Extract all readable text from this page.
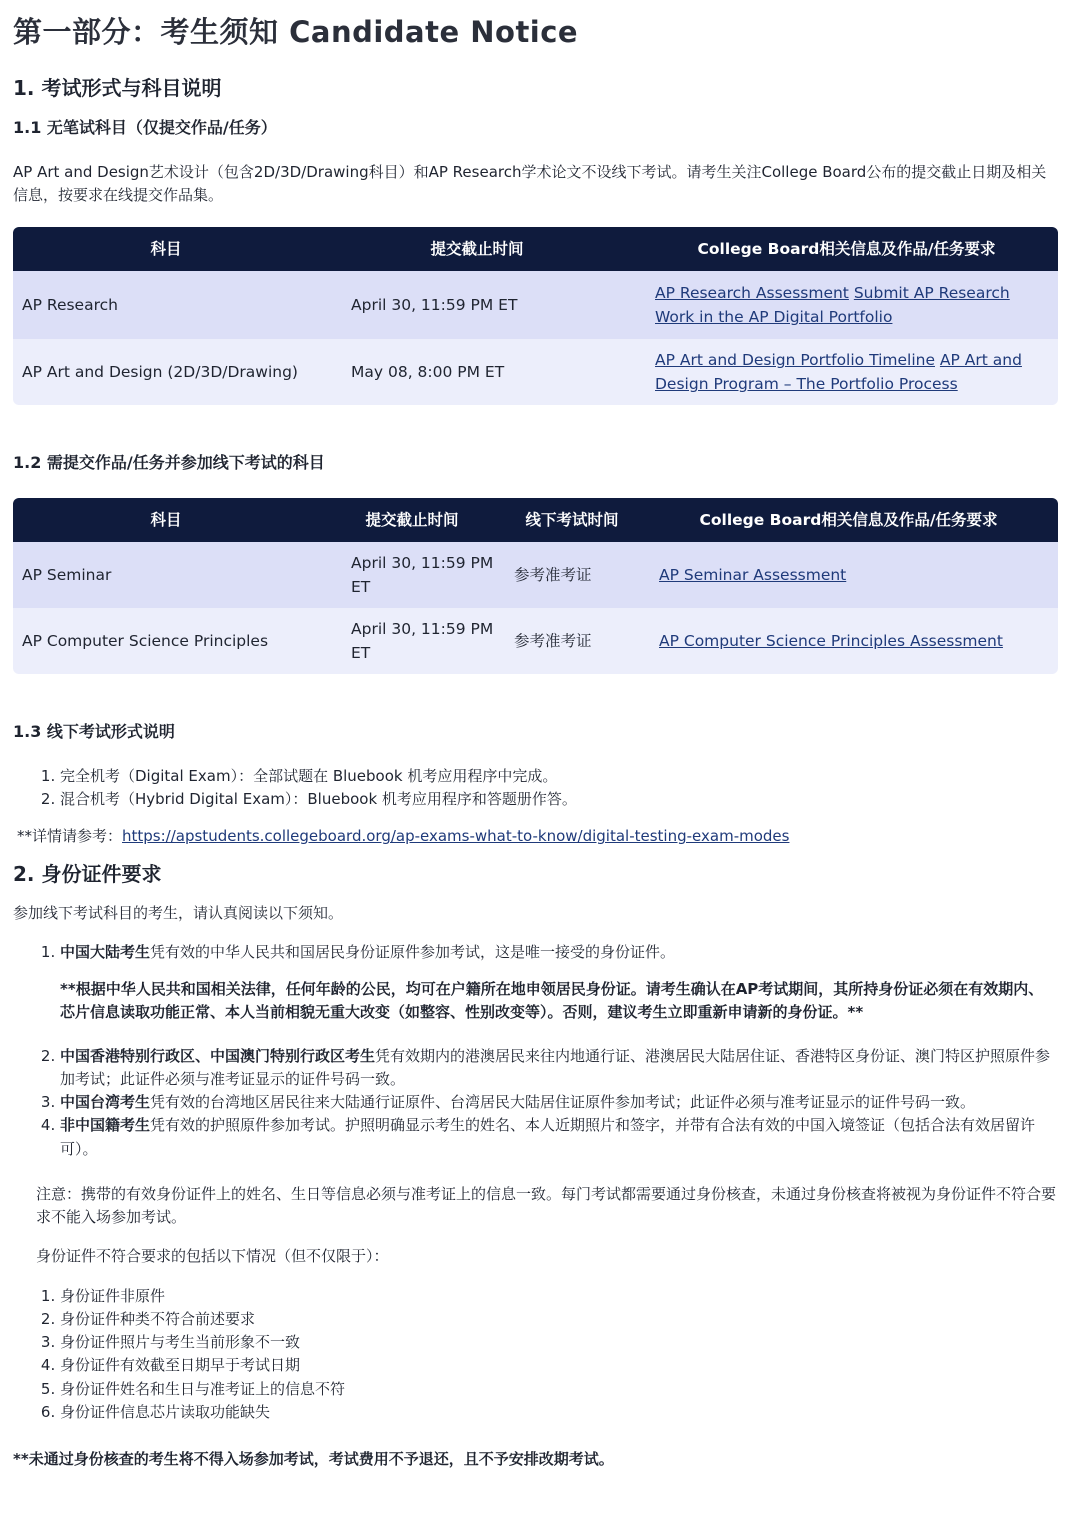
第一部分：考生须知 Candidate Notice
1. 考试形式与科目说明
1.1 无笔试科目（仅提交作品/任务）

AP Art and Design艺术设计（包含2D/3D/Drawing科目）和AP Research学术论文不设线下考试。请考生关注College Board公布的提交截止日期及相关信息，按要求在线提交作品集。

科目	提交截止时间	College Board相关信息及作品/任务要求
AP Research	April 30, 11:59 PM ET	AP Research Assessment Submit AP Research Work in the AP Digital Portfolio
AP Art and Design (2D/3D/Drawing)	May 08, 8:00 PM ET	AP Art and Design Portfolio Timeline AP Art and Design Program – The Portfolio Process
1.2 需提交作品/任务并参加线下考试的科目
科目	提交截止时间	线下考试时间	College Board相关信息及作品/任务要求
AP Seminar	April 30, 11:59 PM ET	参考准考证	AP Seminar Assessment
AP Computer Science Principles	April 30, 11:59 PM ET	参考准考证	AP Computer Science Principles Assessment
1.3 线下考试形式说明
1. 完全机考（Digital Exam）：全部试题在 Bluebook 机考应用程序中完成。
2. 混合机考（Hybrid Digital Exam）：Bluebook 机考应用程序和答题册作答。

**详情请参考：https://apstudents.collegeboard.org/ap-exams-what-to-know/digital-testing-exam-modes

2. 身份证件要求

参加线下考试科目的考生，请认真阅读以下须知。

1. 中国大陆考生凭有效的中华人民共和国居民身份证原件参加考试，这是唯一接受的身份证件。
**根据中华人民共和国相关法律，任何年龄的公民，均可在户籍所在地申领居民身份证。请考生确认在AP考试期间，其所持身份证必须在有效期内、芯片信息读取功能正常、本人当前相貌无重大改变（如整容、性别改变等）。否则，建议考生立即重新申请新的身份证。**
2. 中国香港特别行政区、中国澳门特别行政区考生凭有效期内的港澳居民来往内地通行证、港澳居民大陆居住证、香港特区身份证、澳门特区护照原件参加考试；此证件必须与准考证显示的证件号码一致。
3. 中国台湾考生凭有效的台湾地区居民往来大陆通行证原件、台湾居民大陆居住证原件参加考试；此证件必须与准考证显示的证件号码一致。
4. 非中国籍考生凭有效的护照原件参加考试。护照明确显示考生的姓名、本人近期照片和签字，并带有合法有效的中国入境签证（包括合法有效居留许可）。

注意：携带的有效身份证件上的姓名、生日等信息必须与准考证上的信息一致。每门考试都需要通过身份核查，未通过身份核查将被视为身份证件不符合要求不能入场参加考试。

身份证件不符合要求的包括以下情况（但不仅限于）：

1. 身份证件非原件
2. 身份证件种类不符合前述要求
3. 身份证件照片与考生当前形象不一致
4. 身份证件有效截至日期早于考试日期
5. 身份证件姓名和生日与准考证上的信息不符
6. 身份证件信息芯片读取功能缺失

**未通过身份核查的考生将不得入场参加考试，考试费用不予退还，且不予安排改期考试。
